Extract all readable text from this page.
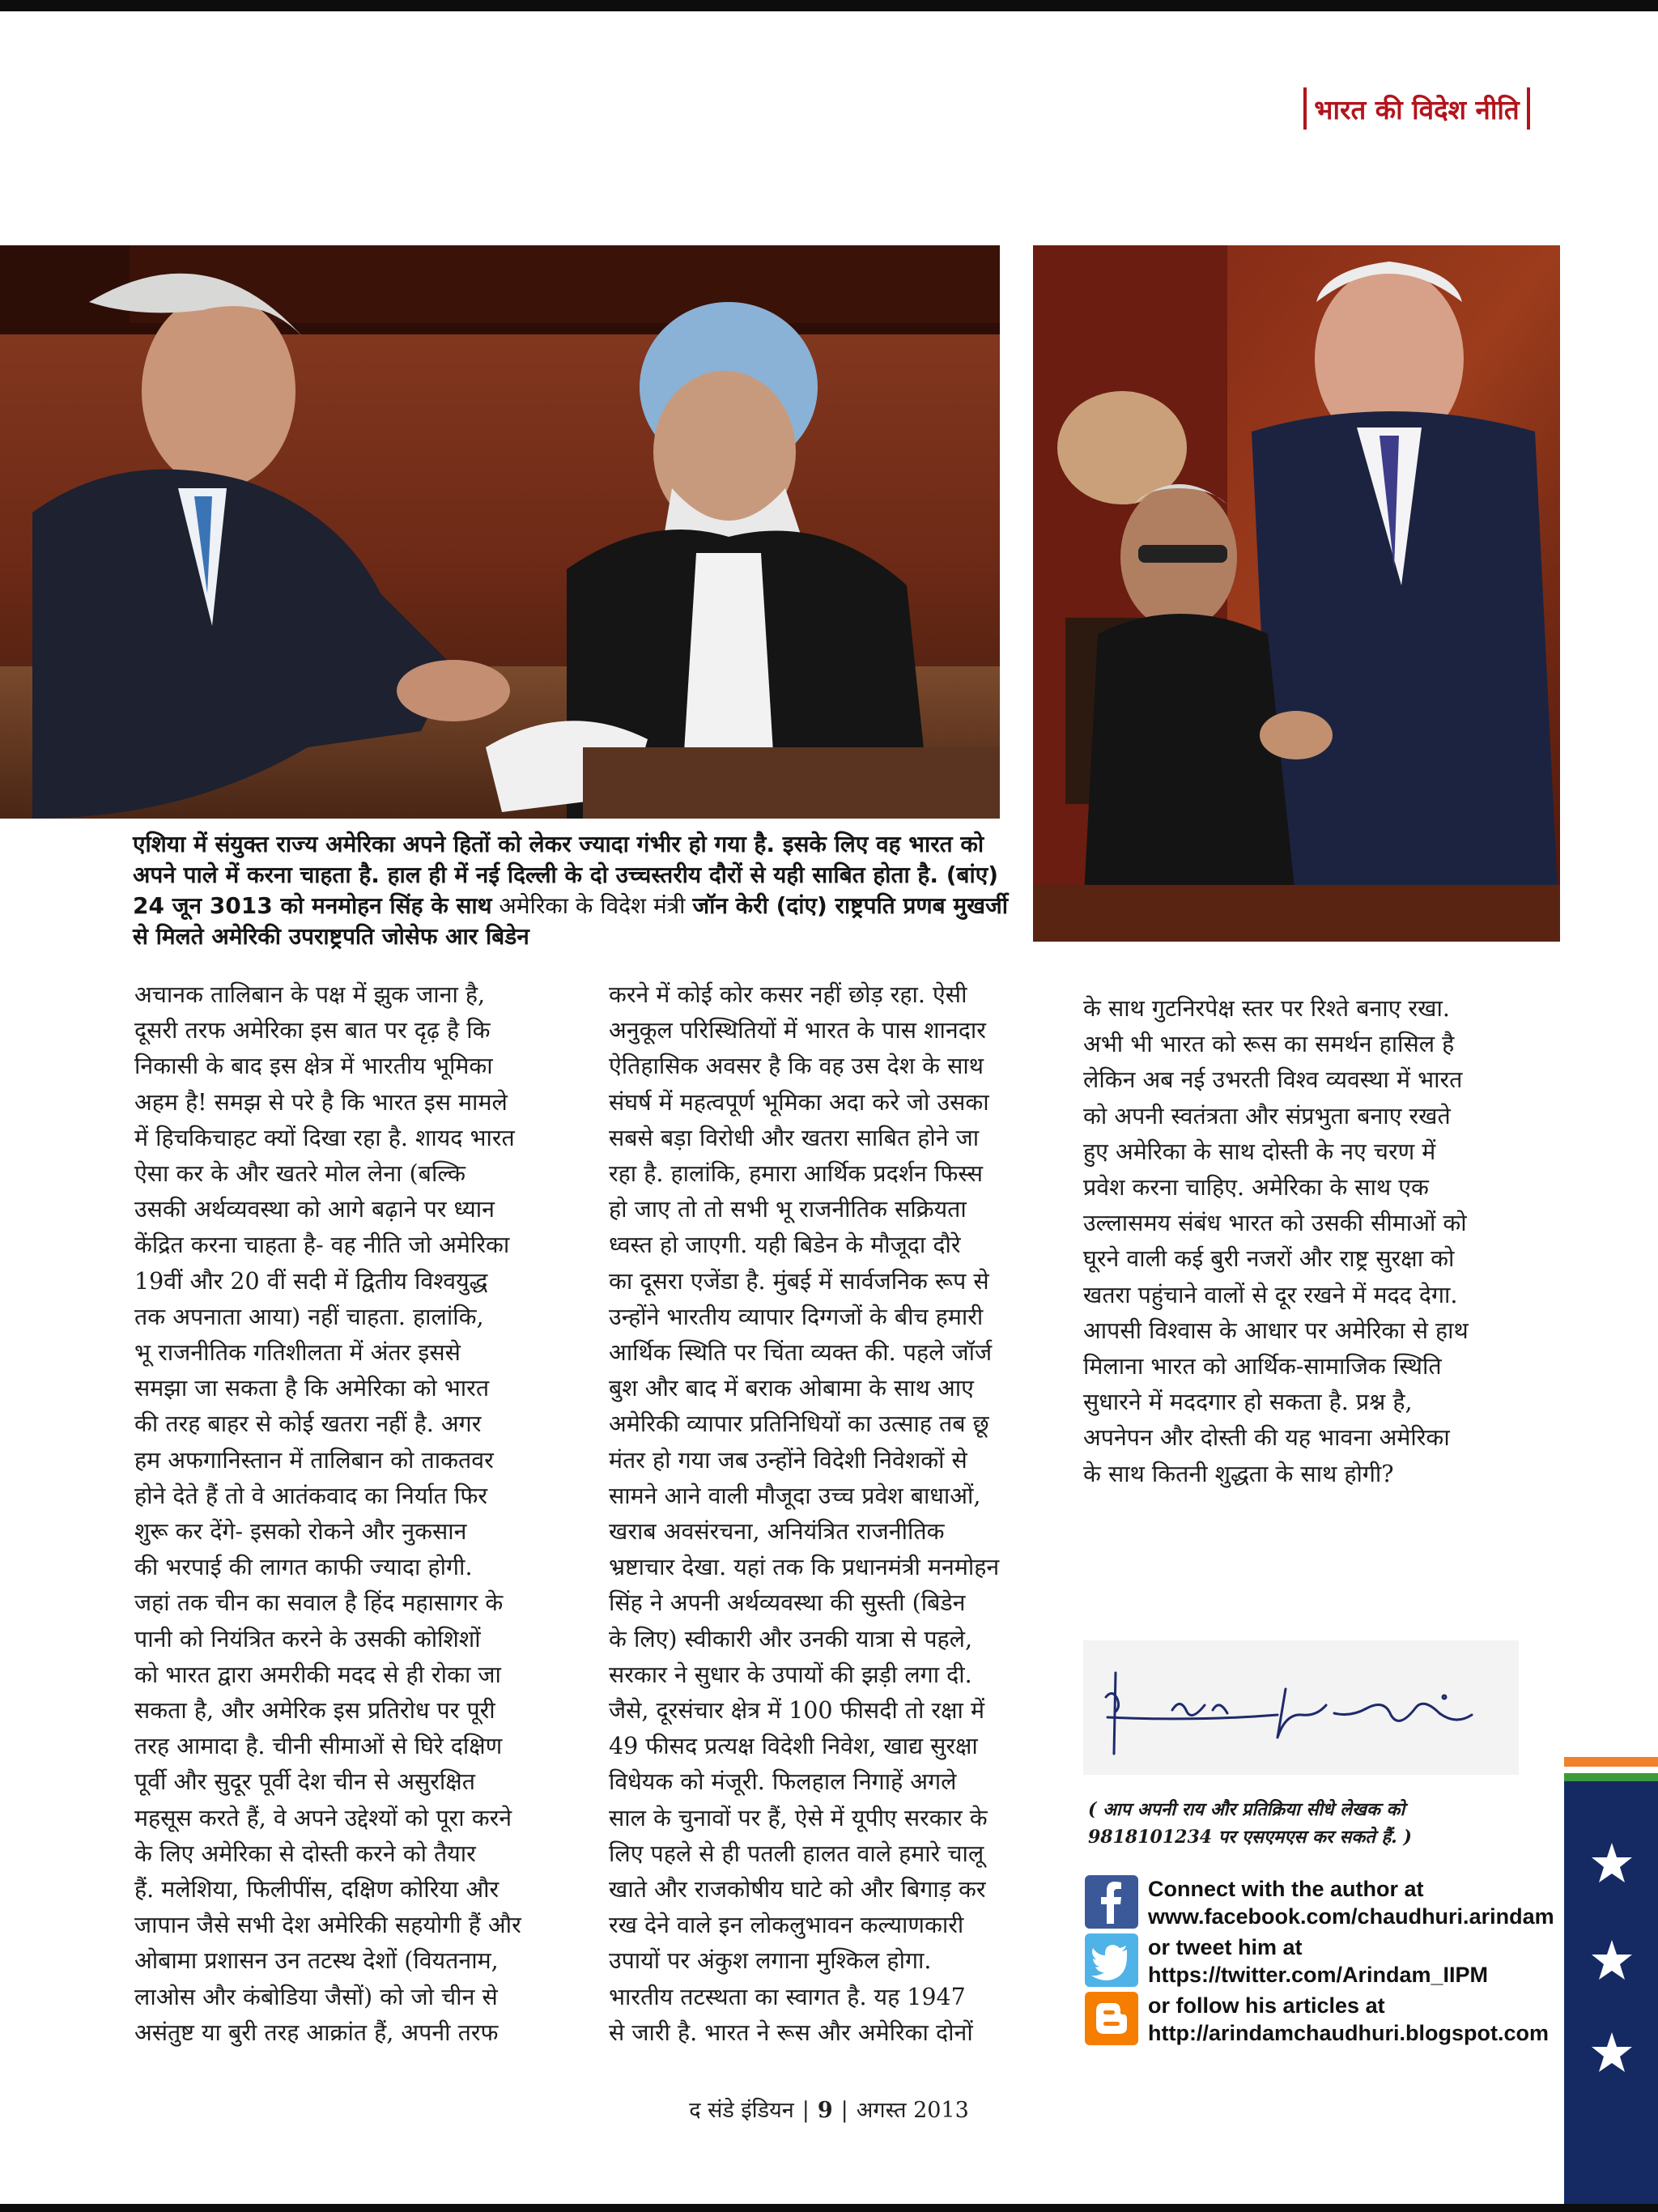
भारत की विदेश नीति
एशिया में संयुक्त राज्य अमेरिका अपने हितों को लेकर ज्यादा गंभीर हो गया है. इसके लिए वह भारत को अपने पाले में करना चाहता है. हाल ही में नई दिल्ली के दो उच्चस्तरीय दौरों से यही साबित होता है. (बांए) 24 जून 3013 को मनमोहन सिंह के साथ अमेरिका के विदेश मंत्री जॉन केरी (दांए) राष्ट्रपति प्रणब मुखर्जी से मिलते अमेरिकी उपराष्ट्रपति जोसेफ आर बिडेन
अचानक तालिबान के पक्ष में झुक जाना है,
दूसरी तरफ अमेरिका इस बात पर दृढ़ है कि
निकासी के बाद इस क्षेत्र में भारतीय भूमिका
अहम है! समझ से परे है कि भारत इस मामले
में हिचकिचाहट क्यों दिखा रहा है. शायद भारत
ऐसा कर के और खतरे मोल लेना (बल्कि
उसकी अर्थव्यवस्था को आगे बढ़ाने पर ध्यान
केंद्रित करना चाहता है- वह नीति जो अमेरिका
19वीं और 20 वीं सदी में द्वितीय विश्वयुद्ध
तक अपनाता आया) नहीं चाहता. हालांकि,
भू राजनीतिक गतिशीलता में अंतर इससे
समझा जा सकता है कि अमेरिका को भारत
की तरह बाहर से कोई खतरा नहीं है. अगर
हम अफगानिस्तान में तालिबान को ताकतवर
होने देते हैं तो वे आतंकवाद का निर्यात फिर
शुरू कर देंगे- इसको रोकने और नुकसान
की भरपाई की लागत काफी ज्यादा होगी.
जहां तक चीन का सवाल है हिंद महासागर के
पानी को नियंत्रित करने के उसकी कोशिशों
को भारत द्वारा अमरीकी मदद से ही रोका जा
सकता है, और अमेरिक इस प्रतिरोध पर पूरी
तरह आमादा है. चीनी सीमाओं से घिरे दक्षिण
पूर्वी और सुदूर पूर्वी देश चीन से असुरक्षित
महसूस करते हैं, वे अपने उद्देश्यों को पूरा करने
के लिए अमेरिका से दोस्ती करने को तैयार
हैं. मलेशिया, फिलीपींस, दक्षिण कोरिया और
जापान जैसे सभी देश अमेरिकी सहयोगी हैं और
ओबामा प्रशासन उन तटस्थ देशों (वियतनाम,
लाओस और कंबोडिया जैसों) को जो चीन से
असंतुष्ट या बुरी तरह आक्रांत हैं, अपनी तरफ
करने में कोई कोर कसर नहीं छोड़ रहा. ऐसी
अनुकूल परिस्थितियों में भारत के पास शानदार
ऐतिहासिक अवसर है कि वह उस देश के साथ
संघर्ष में महत्वपूर्ण भूमिका अदा करे जो उसका
सबसे बड़ा विरोधी और खतरा साबित होने जा
रहा है. हालांकि, हमारा आर्थिक प्रदर्शन फिस्स
हो जाए तो तो सभी भू राजनीतिक सक्रियता
ध्वस्त हो जाएगी. यही बिडेन के मौजूदा दौरे
का दूसरा एजेंडा है. मुंबई में सार्वजनिक रूप से
उन्होंने भारतीय व्यापार दिग्गजों के बीच हमारी
आर्थिक स्थिति पर चिंता व्यक्त की. पहले जॉर्ज
बुश और बाद में बराक ओबामा के साथ आए
अमेरिकी व्यापार प्रतिनिधियों का उत्साह तब छू
मंतर हो गया जब उन्होंने विदेशी निवेशकों से
सामने आने वाली मौजूदा उच्च प्रवेश बाधाओं,
खराब अवसंरचना, अनियंत्रित राजनीतिक
भ्रष्टाचार देखा. यहां तक कि प्रधानमंत्री मनमोहन
सिंह ने अपनी अर्थव्यवस्था की सुस्ती (बिडेन
के लिए) स्वीकारी और उनकी यात्रा से पहले,
सरकार ने सुधार के उपायों की झड़ी लगा दी.
जैसे, दूरसंचार क्षेत्र में 100 फीसदी तो रक्षा में
49 फीसद प्रत्यक्ष विदेशी निवेश, खाद्य सुरक्षा
विधेयक को मंजूरी. फिलहाल निगाहें अगले
साल के चुनावों पर हैं, ऐसे में यूपीए सरकार के
लिए पहले से ही पतली हालत वाले हमारे चालू
खाते और राजकोषीय घाटे को और बिगाड़ कर
रख देने वाले इन लोकलुभावन कल्याणकारी
उपायों पर अंकुश लगाना मुश्किल होगा.
भारतीय तटस्थता का स्वागत है. यह 1947
से जारी है. भारत ने रूस और अमेरिका दोनों
के साथ गुटनिरपेक्ष स्तर पर रिश्ते बनाए रखा.
अभी भी भारत को रूस का समर्थन हासिल है
लेकिन अब नई उभरती विश्व व्यवस्था में भारत
को अपनी स्वतंत्रता और संप्रभुता बनाए रखते
हुए अमेरिका के साथ दोस्ती के नए चरण में
प्रवेश करना चाहिए. अमेरिका के साथ एक
उल्लासमय संबंध भारत को उसकी सीमाओं को
घूरने वाली कई बुरी नजरों और राष्ट्र सुरक्षा को
खतरा पहुंचाने वालों से दूर रखने में मदद देगा.
आपसी विश्वास के आधार पर अमेरिका से हाथ
मिलाना भारत को आर्थिक-सामाजिक स्थिति
सुधारने में मददगार हो सकता है. प्रश्न है,
अपनेपन और दोस्ती की यह भावना अमेरिका
के साथ कितनी शुद्धता के साथ होगी?
( आप अपनी राय और प्रतिक्रिया सीधे लेखक को
9818101234 पर एसएमएस कर सकते हैं. )
Connect with the author at
www.facebook.com/chaudhuri.arindam
or tweet him at
https://twitter.com/Arindam_IIPM
or follow his articles at
http://arindamchaudhuri.blogspot.com
द संडे इंडियन | 9 | अगस्त 2013
